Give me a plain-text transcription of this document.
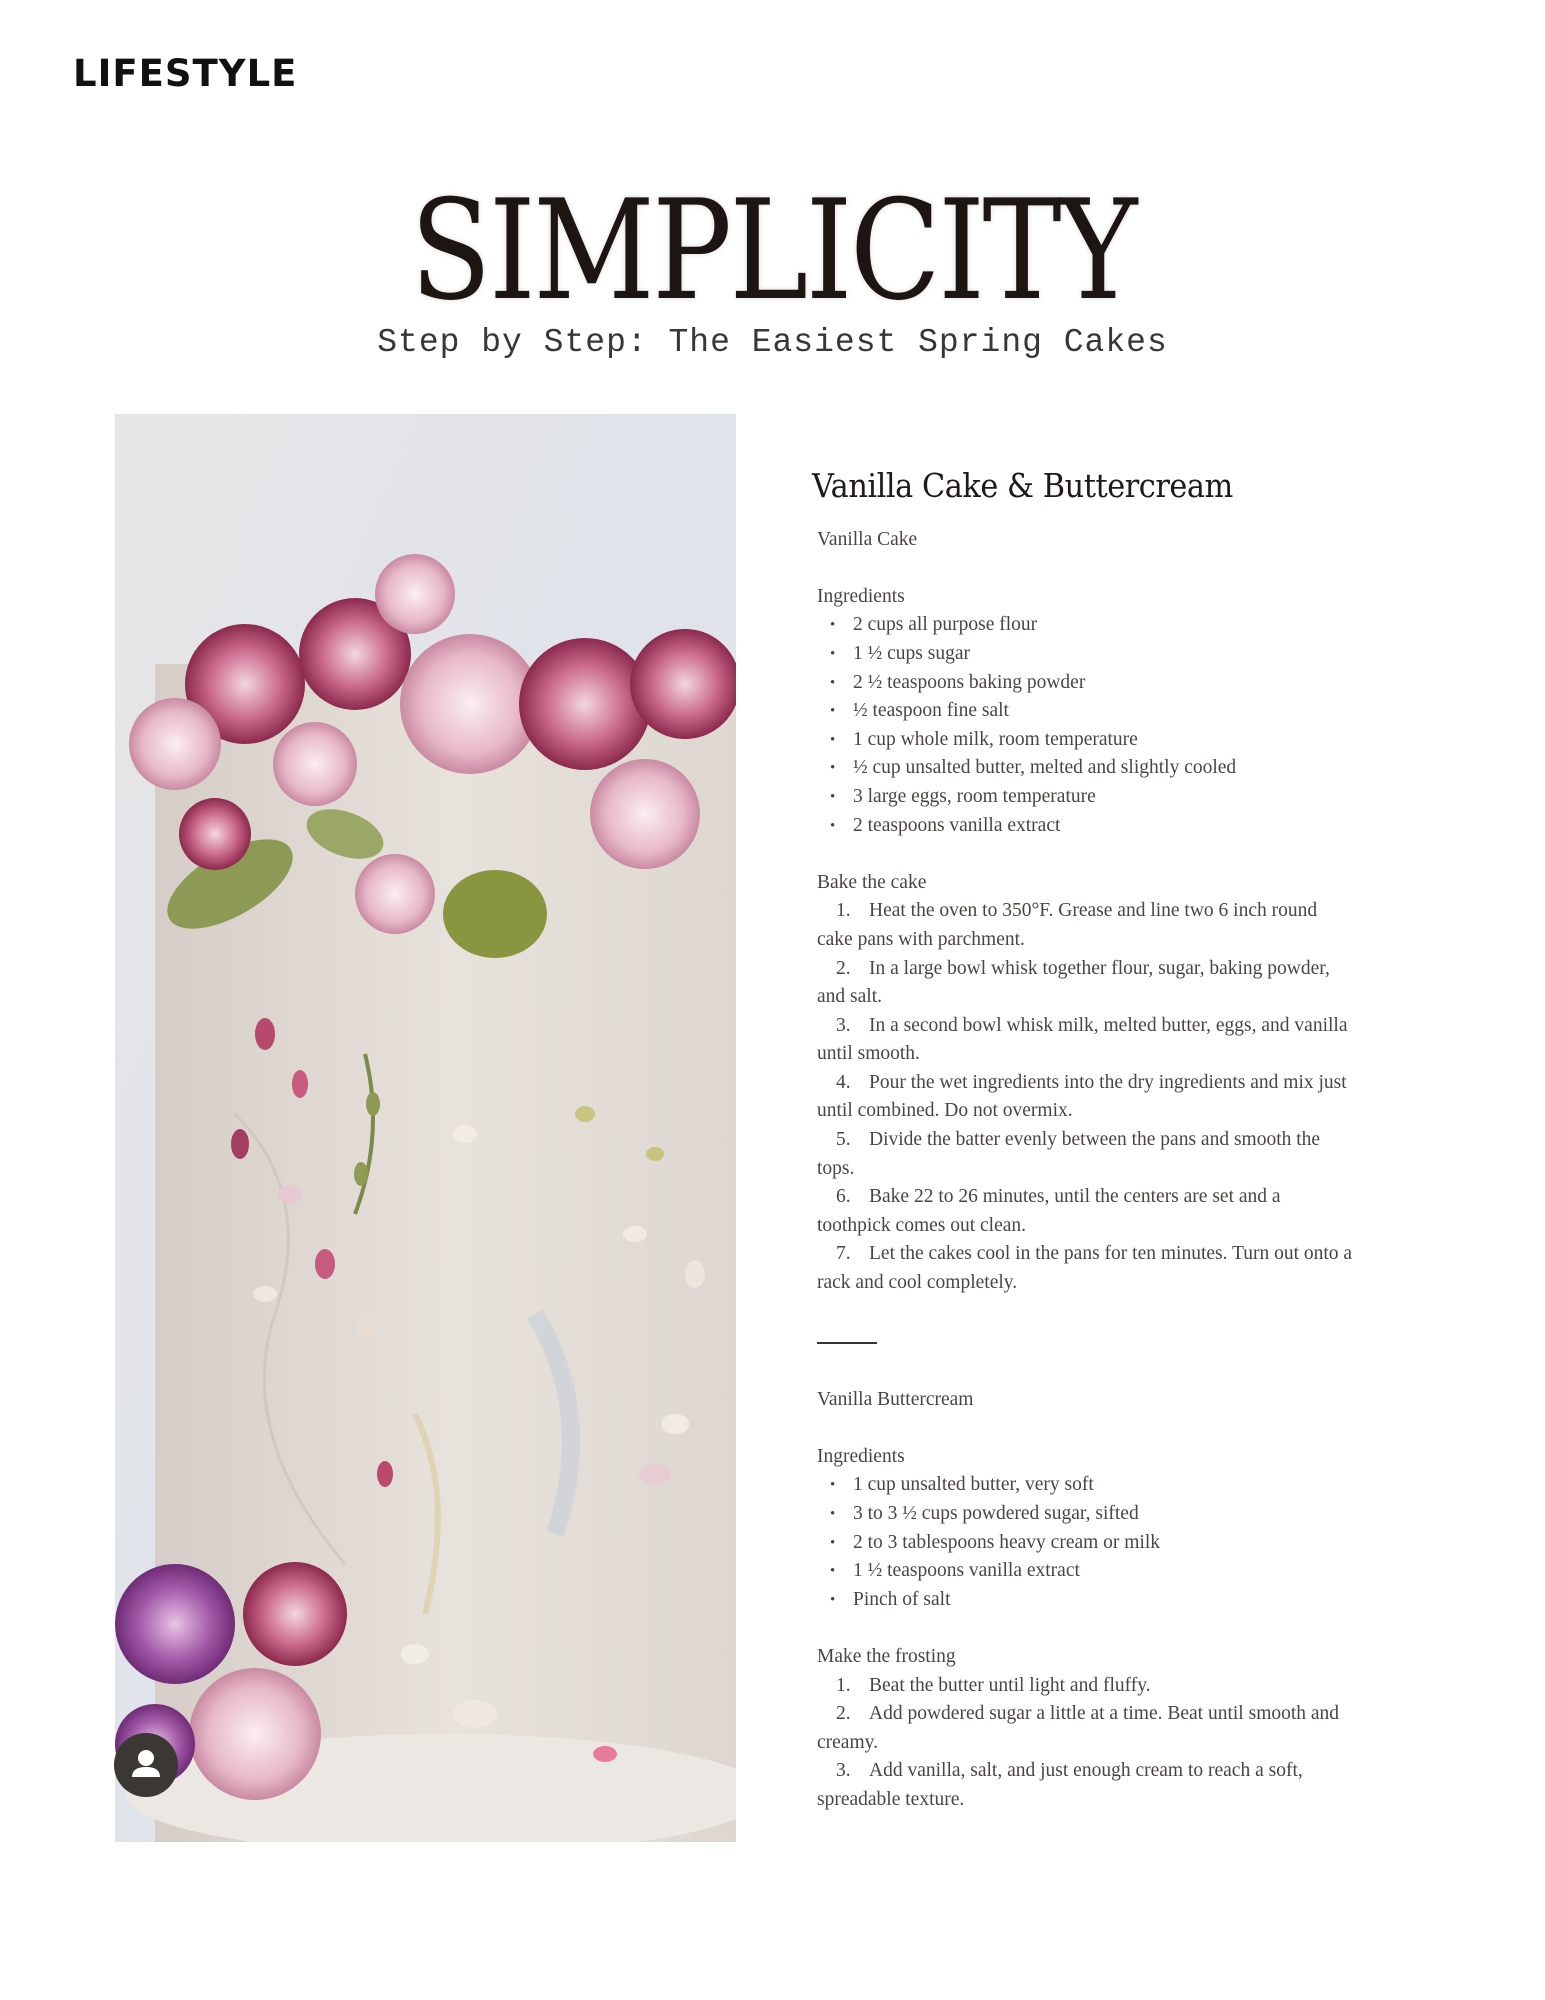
LIFESTYLE
SIMPLICITY
Step by Step: The Easiest Spring Cakes
Vanilla Cake & Buttercream

Vanilla Cake

Ingredients

• 2 cups all purpose flour
• 1 ½ cups sugar
• 2 ½ teaspoons baking powder
• ½ teaspoon fine salt
• 1 cup whole milk, room temperature
• ½ cup unsalted butter, melted and slightly cooled
• 3 large eggs, room temperature
• 2 teaspoons vanilla extract

Bake the cake

1. Heat the oven to 350°F. Grease and line two 6 inch round cake pans with parchment.
2. In a large bowl whisk together flour, sugar, baking powder, and salt.
3. In a second bowl whisk milk, melted butter, eggs, and vanilla until smooth.
4. Pour the wet ingredients into the dry ingredients and mix just until combined. Do not overmix.
5. Divide the batter evenly between the pans and smooth the tops.
6. Bake 22 to 26 minutes, until the centers are set and a toothpick comes out clean.
7. Let the cakes cool in the pans for ten minutes. Turn out onto a rack and cool completely.

Vanilla Buttercream

Ingredients

• 1 cup unsalted butter, very soft
• 3 to 3 ½ cups powdered sugar, sifted
• 2 to 3 tablespoons heavy cream or milk
• 1 ½ teaspoons vanilla extract
• Pinch of salt

Make the frosting

1. Beat the butter until light and fluffy.
2. Add powdered sugar a little at a time. Beat until smooth and creamy.
3. Add vanilla, salt, and just enough cream to reach a soft, spreadable texture.
